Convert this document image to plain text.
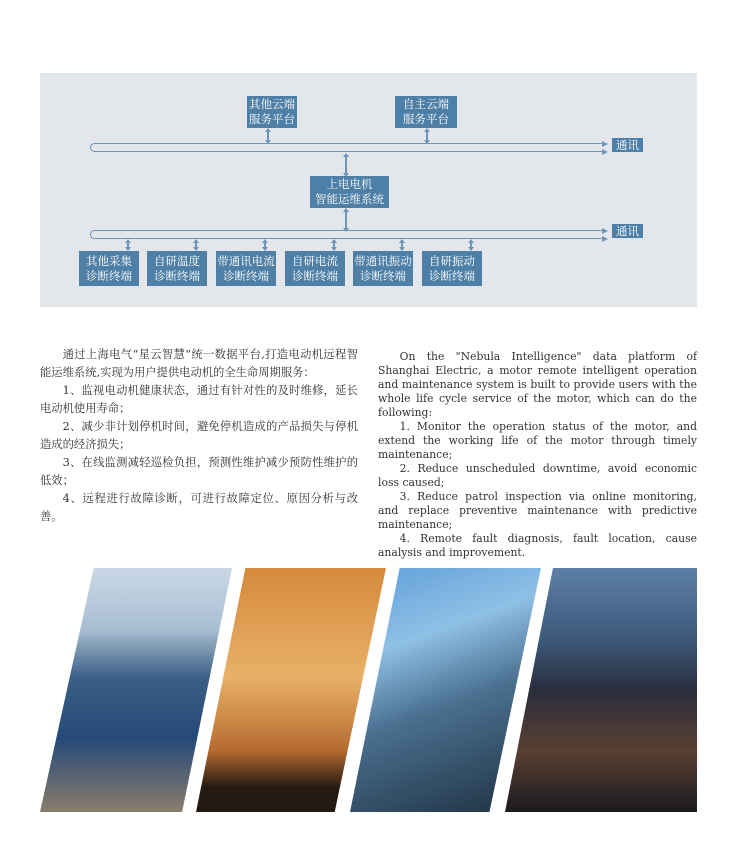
其他云端
服务平台
自主云端
服务平台
通讯
上电电机
智能运维系统
通讯
其他采集
诊断终端
自研温度
诊断终端
带通讯电流
诊断终端
自研电流
诊断终端
带通讯振动
诊断终端
自研振动
诊断终端

通过上海电气“星云智慧”统一数据平台,打造电动机远程智能运维系统,实现为用户提供电动机的全生命周期服务：

1、监视电动机健康状态，通过有针对性的及时维修，延长电动机使用寿命；

2、减少非计划停机时间，避免停机造成的产品损失与停机造成的经济损失；

3、在线监测减轻巡检负担，预测性维护减少预防性维护的低效；

4、远程进行故障诊断，可进行故障定位、原因分析与改善。

On the "Nebula Intelligence" data platform of Shanghai Electric, a motor remote intelligent operation and maintenance system is built to provide users with the whole life cycle service of the motor, which can do the following:

1. Monitor the operation status of the motor, and extend the working life of the motor through timely maintenance;

2. Reduce unscheduled downtime, avoid economic loss caused;

3. Reduce patrol inspection via online monitoring, and replace preventive maintenance with predictive maintenance;

4. Remote fault diagnosis, fault location, cause analysis and improvement.
